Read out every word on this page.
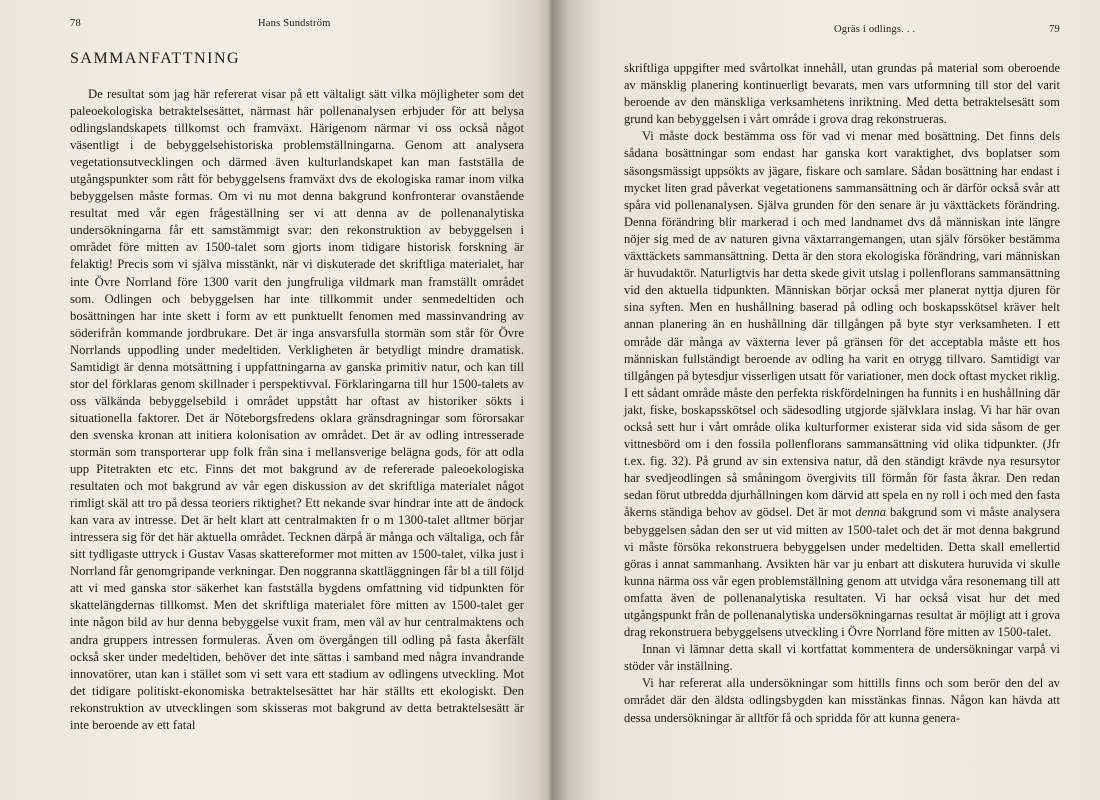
78	Hans Sundström
SAMMANFATTNING

De resultat som jag här refererat visar på ett vältaligt sätt vilka möjligheter som det paleoekologiska betraktelsesättet, närmast här pollenanalysen erbjuder för att belysa odlingslandskapets tillkomst och framväxt. Härigenom närmar vi oss också något väsentligt i de bebyggelsehistoriska problemställningarna. Genom att analysera vegetationsutvecklingen och därmed även kulturlandskapet kan man fastställa de utgångspunkter som rått för bebyggelsens framväxt dvs de ekologiska ramar inom vilka bebyggelsen måste formas. Om vi nu mot denna bakgrund konfronterar ovanstående resultat med vår egen frågeställning ser vi att denna av de pollenanalytiska undersökningarna får ett samstämmigt svar: den rekonstruktion av bebyggelsen i området före mitten av 1500-talet som gjorts inom tidigare historisk forskning är felaktig! Precis som vi själva misstänkt, när vi diskuterade det skriftliga materialet, har inte Övre Norrland före 1300 varit den jungfruliga vildmark man framställt området som. Odlingen och bebyggelsen har inte tillkommit under senmedeltiden och bosättningen har inte skett i form av ett punktuellt fenomen med massinvandring av söderifrån kommande jordbrukare. Det är inga ansvarsfulla stormän som står för Övre Norrlands uppodling under medeltiden. Verkligheten är betydligt mindre dramatisk. Samtidigt är denna motsättning i uppfattningarna av ganska primitiv natur, och kan till stor del förklaras genom skillnader i perspektivval. Förklaringarna till hur 1500-talets av oss välkända bebyggelsebild i området uppstått har oftast av historiker sökts i situationella faktorer. Det är Nöteborgsfredens oklara gränsdragningar som förorsakar den svenska kronan att initiera kolonisation av området. Det är av odling intresserade stormän som transporterar upp folk från sina i mellansverige belägna gods, för att odla upp Pitetrakten etc etc. Finns det mot bakgrund av de refererade paleoekologiska resultaten och mot bakgrund av vår egen diskussion av det skriftliga materialet något rimligt skäl att tro på dessa teoriers riktighet? Ett nekande svar hindrar inte att de ändock kan vara av intresse. Det är helt klart att centralmakten fr o m 1300-talet alltmer börjar intressera sig för det här aktuella området. Tecknen därpå är många och vältaliga, och får sitt tydligaste uttryck i Gustav Vasas skattereformer mot mitten av 1500-talet, vilka just i Norrland får genomgripande verkningar. Den noggranna skattläggningen får bl a till följd att vi med ganska stor säkerhet kan fastställa bygdens omfattning vid tidpunkten för skattelängdernas tillkomst. Men det skriftliga materialet före mitten av 1500-talet ger inte någon bild av hur denna bebyggelse vuxit fram, men väl av hur centralmaktens och andra gruppers intressen formuleras. Även om övergången till odling på fasta åkerfält också sker under medeltiden, behöver det inte sättas i samband med några invandrande innovatörer, utan kan i stället som vi sett vara ett stadium av odlingens utveckling. Mot det tidigare politiskt-ekonomiska betraktelsesättet har här ställts ett ekologiskt. Den rekonstruktion av utvecklingen som skisseras mot bakgrund av detta betraktelsesätt är inte beroende av ett fatal

Ogräs i odlings. . .	79

skriftliga uppgifter med svårtolkat innehåll, utan grundas på material som oberoende av mänsklig planering kontinuerligt bevarats, men vars utformning till stor del varit beroende av den mänskliga verksamhetens inriktning. Med detta betraktelsesätt som grund kan bebyggelsen i vårt område i grova drag rekonstrueras.

Vi måste dock bestämma oss för vad vi menar med bosättning. Det finns dels sådana bosättningar som endast har ganska kort varaktighet, dvs boplatser som säsongsmässigt uppsökts av jägare, fiskare och samlare. Sådan bosättning har endast i mycket liten grad påverkat vegetationens sammansättning och är därför också svår att spåra vid pollenanalysen. Själva grunden för den senare är ju växttäckets förändring. Denna förändring blir markerad i och med landnamet dvs då människan inte längre nöjer sig med de av naturen givna växtarrangemangen, utan själv försöker bestämma växttäckets sammansättning. Detta är den stora ekologiska förändring, vari människan är huvudaktör. Naturligtvis har detta skede givit utslag i pollenflorans sammansättning vid den aktuella tidpunkten. Människan börjar också mer planerat nyttja djuren för sina syften. Men en hushållning baserad på odling och boskapsskötsel kräver helt annan planering än en hushållning där tillgången på byte styr verksamheten. I ett område där många av växterna lever på gränsen för det acceptabla måste ett hos människan fullständigt beroende av odling ha varit en otrygg tillvaro. Samtidigt var tillgången på bytesdjur visserligen utsatt för variationer, men dock oftast mycket riklig. I ett sådant område måste den perfekta riskfördelningen ha funnits i en hushållning där jakt, fiske, boskapsskötsel och sädesodling utgjorde självklara inslag. Vi har här ovan också sett hur i vårt område olika kulturformer existerar sida vid sida såsom de ger vittnesbörd om i den fossila pollenflorans sammansättning vid olika tidpunkter. (Jfr t.ex. fig. 32). På grund av sin extensiva natur, då den ständigt krävde nya resursytor har svedjeodlingen så småningom övergivits till förmån för fasta åkrar. Den redan sedan förut utbredda djurhållningen kom därvid att spela en ny roll i och med den fasta åkerns ständiga behov av gödsel. Det är mot denna bakgrund som vi måste analysera bebyggelsen sådan den ser ut vid mitten av 1500-talet och det är mot denna bakgrund vi måste försöka rekonstruera bebyggelsen under medeltiden. Detta skall emellertid göras i annat sammanhang. Avsikten här var ju enbart att diskutera huruvida vi skulle kunna närma oss vår egen problemställning genom att utvidga våra resonemang till att omfatta även de pollenanalytiska resultaten. Vi har också visat hur det med utgångspunkt från de pollenanalytiska undersökningarnas resultat är möjligt att i grova drag rekonstruera bebyggelsens utveckling i Övre Norrland före mitten av 1500-talet.

Innan vi lämnar detta skall vi kortfattat kommentera de undersökningar varpå vi stöder vår inställning.

Vi har refererat alla undersökningar som hittills finns och som berör den del av området där den äldsta odlingsbygden kan misstänkas finnas. Någon kan hävda att dessa undersökningar är alltför få och spridda för att kunna genera-
